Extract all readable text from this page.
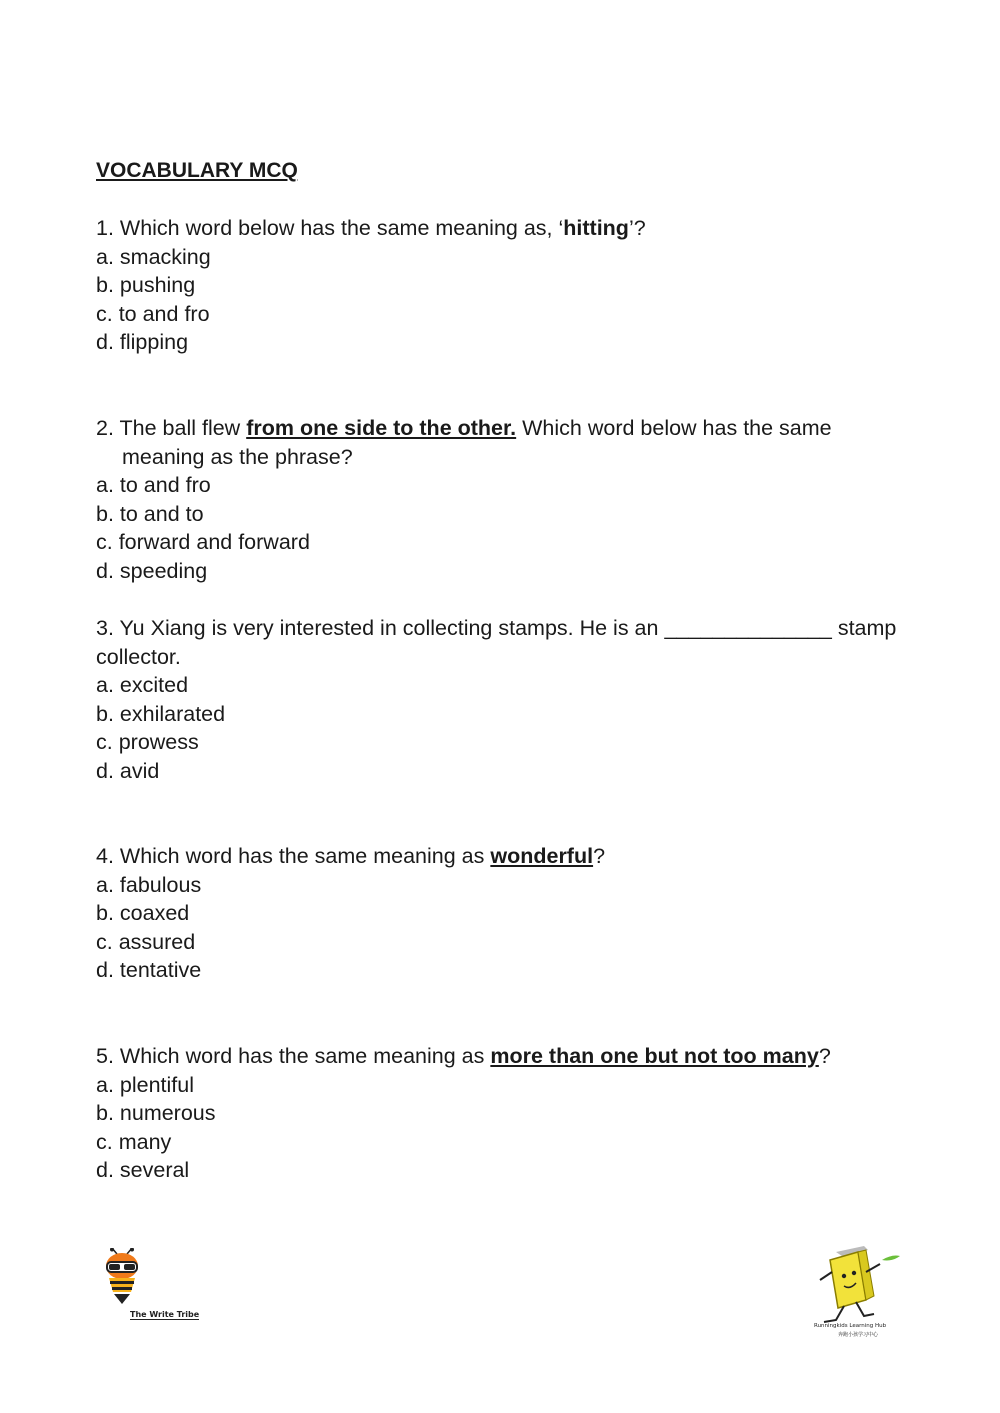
VOCABULARY MCQ

1. Which word below has the same meaning as, ‘hitting’?

a. smacking

b. pushing

c. to and fro

d. flipping

2. The ball flew from one side to the other. Which word below has the same meaning as the phrase?

a. to and fro

b. to and to

c. forward and forward

d. speeding

3. Yu Xiang is very interested in collecting stamps. He is an ______________ stamp collector.

a. excited

b. exhilarated

c. prowess

d. avid

4. Which word has the same meaning as wonderful?

a. fabulous

b. coaxed

c. assured

d. tentative

5. Which word has the same meaning as more than one but not too many?

a. plentiful

b. numerous

c. many

d. several

The Write Tribe
Runningkids Learning Hub
奔跑小孩学习中心
